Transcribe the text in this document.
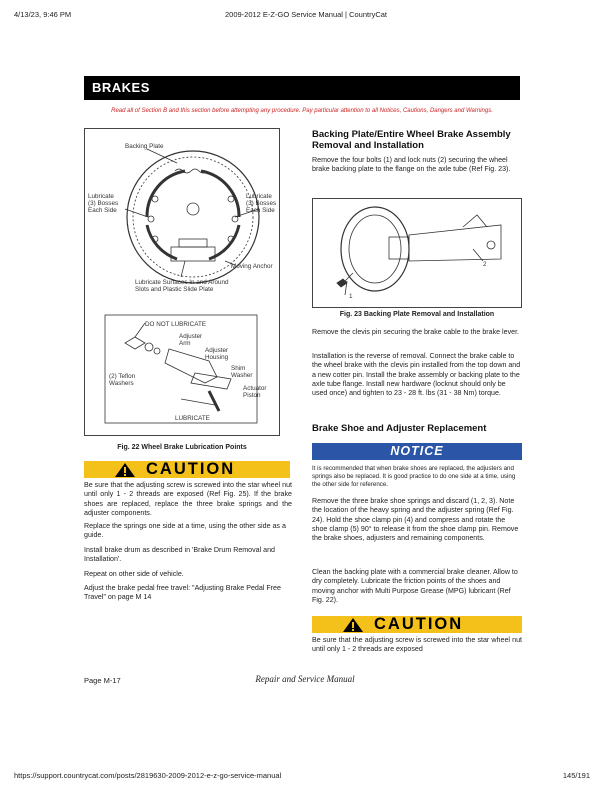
4/13/23, 9:46 PM	2009-2012 E-Z-GO Service Manual | CountryCat
https://support.countrycat.com/posts/2819630-2009-2012-e-z-go-service-manual	145/191
BRAKES
Read all of Section B and this section before attempting any procedure. Pay particular attention to all Notices, Cautions, Dangers and Warnings.
Backing Plate
Lubricate
(3) Bosses
Each Side
Lubricate
(3) Bosses
Each Side
Moving Anchor
Lubricate Surfaces In and Around
Slots and Plastic Slide Plate
DO NOT LUBRICATE
Adjuster
Arm
Adjuster
Housing
Shim
Washer
(2) Teflon
Washers
Actuator
Piston
LUBRICATE
Fig. 22 Wheel Brake Lubrication Points
CAUTION
Be sure that the adjusting screw is screwed into the star wheel nut until only 1 - 2 threads are exposed (Ref Fig. 25). If the brake shoes are replaced, replace the three brake springs and the adjuster components.
Replace the springs one side at a time, using the other side as a guide.
Install brake drum as described in 'Brake Drum Removal and Installation'.
Repeat on other side of vehicle.
Adjust the brake pedal free travel: "Adjusting Brake Pedal Free Travel" on page M 14
Backing Plate/Entire Wheel Brake Assembly Removal and Installation
Remove the four bolts (1) and lock nuts (2) securing the wheel brake backing plate to the flange on the axle tube (Ref Fig. 23).
1
2
Fig. 23 Backing Plate Removal and Installation
Remove the clevis pin securing the brake cable to the brake lever.
Installation is the reverse of removal. Connect the brake cable to the wheel brake with the clevis pin installed from the top down and a new cotter pin. Install the brake assembly or backing plate to the axle tube flange. Install new hardware (locknut should only be used once) and tighten to 23 - 28 ft. lbs (31 - 38 Nm) torque.
Brake Shoe and Adjuster Replacement
NOTICE
It is recommended that when brake shoes are replaced, the adjusters and springs also be replaced. It is good practice to do one side at a time, using the other side for reference.
Remove the three brake shoe springs and discard (1, 2, 3). Note the location of the heavy spring and the adjuster spring (Ref Fig. 24). Hold the shoe clamp pin (4) and compress and rotate the shoe clamp (5) 90° to release it from the shoe clamp pin. Remove the brake shoes, adjusters and remaining components.
Clean the backing plate with a commercial brake cleaner. Allow to dry completely. Lubricate the friction points of the shoes and moving anchor with Multi Purpose Grease (MPG) lubricant (Ref Fig. 22).
CAUTION
Be sure that the adjusting screw is screwed into the star wheel nut until only 1 - 2 threads are exposed
Page M-17	Repair and Service Manual
